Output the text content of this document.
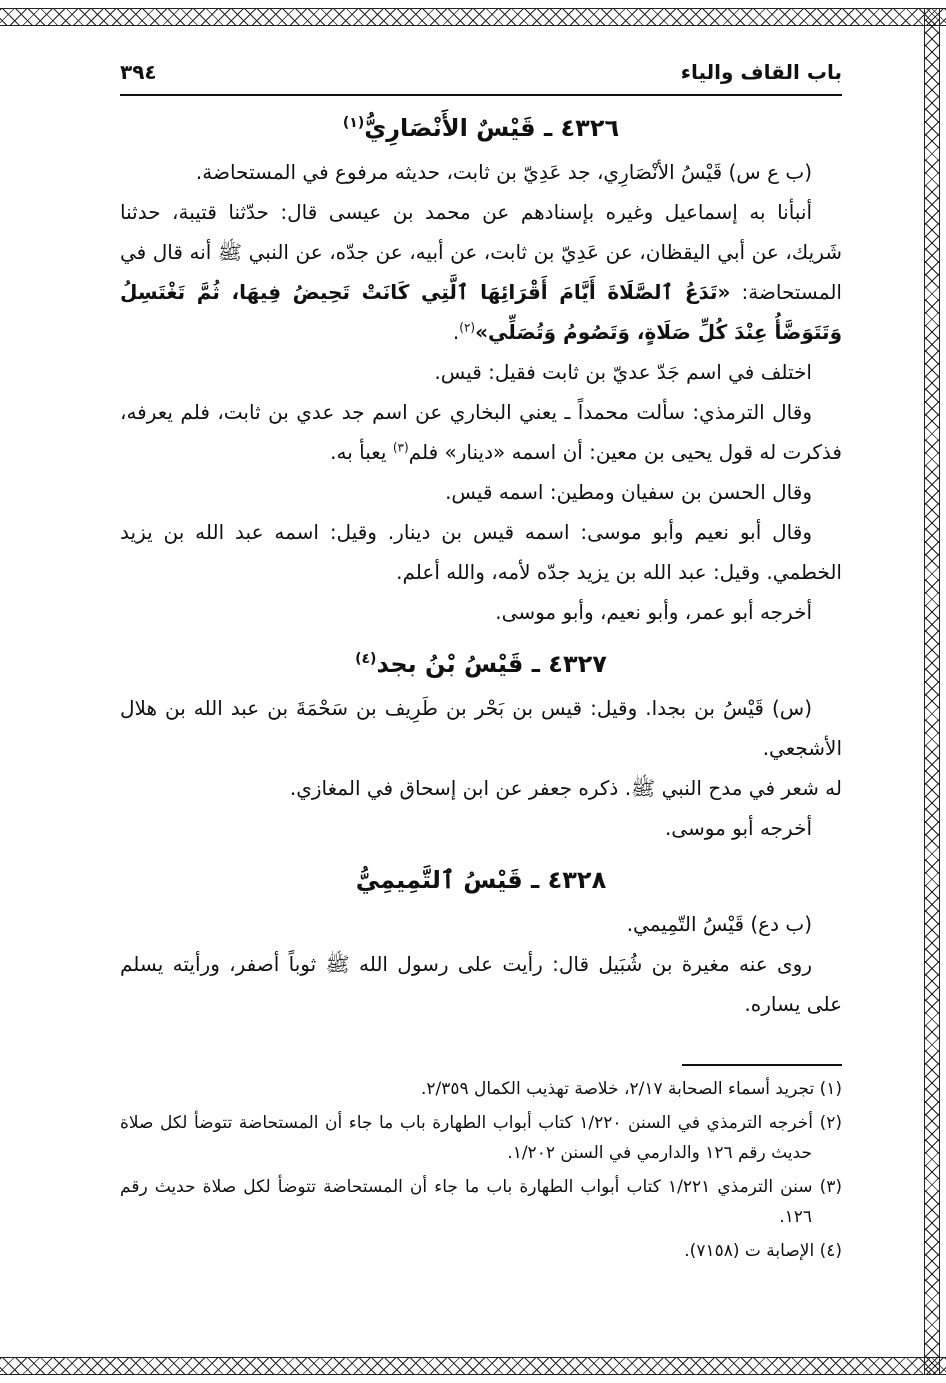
باب القاف والياء
٣٩٤
٤٣٢٦ ـ قَيْسٌ الأَنْصَارِيُّ$^{(١)}$

(ب ع س) قَيْسُ الأنْصَارِي، جد عَدِيّ بن ثابت، حديثه مرفوع في المستحاضة.

أنبأنا به إسماعيل وغيره بإسنادهم عن محمد بن عيسى قال: حدّثنا قتيبة، حدثنا شَريك، عن أبي اليقظان، عن عَدِيّ بن ثابت، عن أبيه، عن جدّه، عن النبي ﷺ أنه قال في المستحاضة: «تَدَعُ ٱلصَّلَاةَ أَيَّامَ أَقْرَائِهَا ٱلَّتِي كَانَتْ تَحِيضُ فِيهَا، ثُمَّ تَغْتَسِلُ وَتَتَوَضَّأُ عِنْدَ كُلِّ صَلَاةٍ، وَتَصُومُ وَتُصَلِّي»$^{(٢)}$.

اختلف في اسم جَدّ عديّ بن ثابت فقيل: قيس.

وقال الترمذي: سألت محمداً ـ يعني البخاري عن اسم جد عدي بن ثابت، فلم يعرفه، فذكرت له قول يحيى بن معين: أن اسمه «دينار» فلم$^{(٣)}$ يعبأ به.

وقال الحسن بن سفيان ومطين: اسمه قيس.

وقال أبو نعيم وأبو موسى: اسمه قيس بن دينار. وقيل: اسمه عبد الله بن يزيد الخطمي. وقيل: عبد الله بن يزيد جدّه لأمه، والله أعلم.

أخرجه أبو عمر، وأبو نعيم، وأبو موسى.

٤٣٢٧ ـ قَيْسُ بْنُ بجد$^{(٤)}$

(س) قَيْسُ بن بجدا. وقيل: قيس بن بَحْر بن طَرِيف بن سَحْمَةَ بن عبد الله بن هلال الأشجعي.

له شعر في مدح النبي ﷺ. ذكره جعفر عن ابن إسحاق في المغازي.

أخرجه أبو موسى.

٤٣٢٨ ـ قَيْسُ ٱلتَّمِيمِيُّ

(ب دع) قَيْسُ التّمِيمي.

روى عنه مغيرة بن شُبَيل قال: رأيت على رسول الله ﷺ ثوباً أصفر، ورأيته يسلم على يساره.

(١) تجريد أسماء الصحابة ٢/١٧، خلاصة تهذيب الكمال ٢/٣٥٩.

(٢) أخرجه الترمذي في السنن ١/٢٢٠ كتاب أبواب الطهارة باب ما جاء أن المستحاضة تتوضأ لكل صلاة حديث رقم ١٢٦ والدارمي في السنن ١/٢٠٢.

(٣) سنن الترمذي ١/٢٢١ كتاب أبواب الطهارة باب ما جاء أن المستحاضة تتوضأ لكل صلاة حديث رقم ١٢٦.

(٤) الإصابة ت (٧١٥٨).
